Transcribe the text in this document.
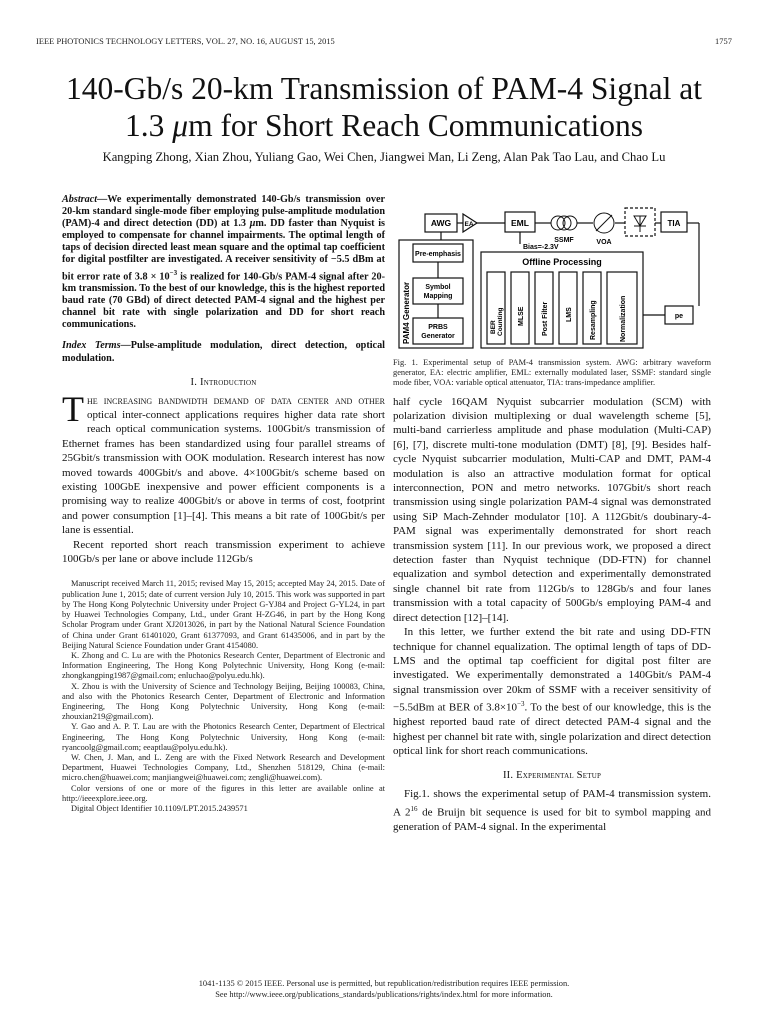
IEEE PHOTONICS TECHNOLOGY LETTERS, VOL. 27, NO. 16, AUGUST 15, 2015	1757
140-Gb/s 20-km Transmission of PAM-4 Signal at
1.3 μm for Short Reach Communications
Kangping Zhong, Xian Zhou, Yuliang Gao, Wei Chen, Jiangwei Man, Li Zeng, Alan Pak Tao Lau, and Chao Lu

Abstract—We experimentally demonstrated 140-Gb/s transmission over 20-km standard single-mode fiber employing pulse-amplitude modulation (PAM)-4 and direct detection (DD) at 1.3 μm. DD faster than Nyquist is employed to compensate for channel impairments. The optimal length of taps of decision directed least mean square and the optimal tap coefficient for digital postfilter are investigated. A receiver sensitivity of −5.5 dBm at bit error rate of $3.8 \times 10^{-3}$ is realized for 140-Gb/s PAM-4 signal after 20-km transmission. To the best of our knowledge, this is the highest reported baud rate (70 GBd) of direct detected PAM-4 signal and the highest per channel bit rate with single polarization and DD for short reach communications.

Index Terms—Pulse-amplitude modulation, direct detection, optical modulation.

I. Introduction

The increasing bandwidth demand of data center and other optical inter-connect applications requires higher data rate short reach optical communication systems. 100Gbit/s transmission of Ethernet frames has been standardized using four parallel streams of 25Gbit/s transmission with OOK modulation. Research interest has now moved towards 400Gbit/s and above. 4×100Gbit/s scheme based on existing 100GbE inexpensive and power efficient components is a promising way to realize 400Gbit/s or above in terms of cost, footprint and power consumption [1]–[4]. This means a bit rate of 100Gbit/s per lane is essential.

Recent reported short reach transmission experiment to achieve 100Gb/s per lane or above include 112Gb/s

Manuscript received March 11, 2015; revised May 15, 2015; accepted May 24, 2015. Date of publication June 1, 2015; date of current version July 10, 2015. This work was supported in part by The Hong Kong Polytechnic University under Project G-YJ84 and Project G-YL24, in part by Huawei Technologies Company, Ltd., under Grant H-ZG46, in part by the Hong Kong Scholar Program under Grant XJ2013026, in part by the National Natural Science Foundation of China under Grant 61401020, Grant 61377093, and Grant 61435006, and in part by the Beijing Natural Science Foundation under Grant 4154080.

K. Zhong and C. Lu are with the Photonics Research Center, Department of Electronic and Information Engineering, The Hong Kong Polytechnic University, Hong Kong (e-mail: zhongkangping1987@gmail.com; enluchao@polyu.edu.hk).

X. Zhou is with the University of Science and Technology Beijing, Beijing 100083, China, and also with the Photonics Research Center, Department of Electronic and Information Engineering, The Hong Kong Polytechnic University, Hong Kong (e-mail: zhouxian219@gmail.com).

Y. Gao and A. P. T. Lau are with the Photonics Research Center, Department of Electrical Engineering, The Hong Kong Polytechnic University, Hong Kong (e-mail: ryancoolg@gmail.com; eeaptlau@polyu.edu.hk).

W. Chen, J. Man, and L. Zeng are with the Fixed Network Research and Development Department, Huawei Technologies Company, Ltd., Shenzhen 518129, China (e-mail: micro.chen@huawei.com; manjiangwei@huawei.com; zengli@huawei.com).

Color versions of one or more of the figures in this letter are available online at http://ieeexplore.ieee.org.

Digital Object Identifier 10.1109/LPT.2015.2439571

AWG EA	EML
SSMF	VOA
TIA
Bias=-2.3V
PAM4 Generator
Pre-emphasis
Symbol
Mapping
PRBS
Generator
Offline Processing
BER Counting MLSE Post Filter LMS Resampling	Normalization	pe

Fig. 1. Experimental setup of PAM-4 transmission system. AWG: arbitrary waveform generator, EA: electric amplifier, EML: externally modulated laser, SSMF: standard single mode fiber, VOA: variable optical attenuator, TIA: trans-impedance amplifier.

half cycle 16QAM Nyquist subcarrier modulation (SCM) with polarization division multiplexing or dual wavelength scheme [5], multi-band carrierless amplitude and phase modulation (Multi-CAP) [6], [7], discrete multi-tone modulation (DMT) [8], [9]. Besides half-cycle Nyquist subcarrier modulation, Multi-CAP and DMT, PAM-4 modulation is also an attractive modulation format for optical interconnection, PON and metro networks. 107Gbit/s short reach transmission using single polarization PAM-4 signal was demonstrated using SiP Mach-Zehnder modulator [10]. A 112Gbit/s doubinary-4-PAM signal was experimentally demonstrated for short reach transmission system [11]. In our previous work, we proposed a direct detection faster than Nyquist technique (DD-FTN) for channel equalization and symbol detection and experimentally demonstrated single channel bit rate from 112Gb/s to 128Gb/s and four lanes transmission with a total capacity of 500Gb/s employing PAM-4 and direct detection [12]–[14].

In this letter, we further extend the bit rate and using DD-FTN technique for channel equalization. The optimal length of taps of DD-LMS and the optimal tap coefficient for digital post filter are investigated. We experimentally demonstrated a 140Gbit/s PAM-4 signal transmission over 20km of SSMF with a receiver sensitivity of −5.5dBm at BER of $3.8\times 10^{-3}$. To the best of our knowledge, this is the highest reported baud rate of direct detected PAM-4 signal and the highest per channel bit rate with, single polarization and direct detection optical link for short reach communications.

II. Experimental Setup

Fig.1. shows the experimental setup of PAM-4 transmission system. A $2^{16}$ de Bruijn bit sequence is used for bit to symbol mapping and generation of PAM-4 signal. In the experimental

1041-1135 © 2015 IEEE. Personal use is permitted, but republication/redistribution requires IEEE permission.
See http://www.ieee.org/publications_standards/publications/rights/index.html for more information.
